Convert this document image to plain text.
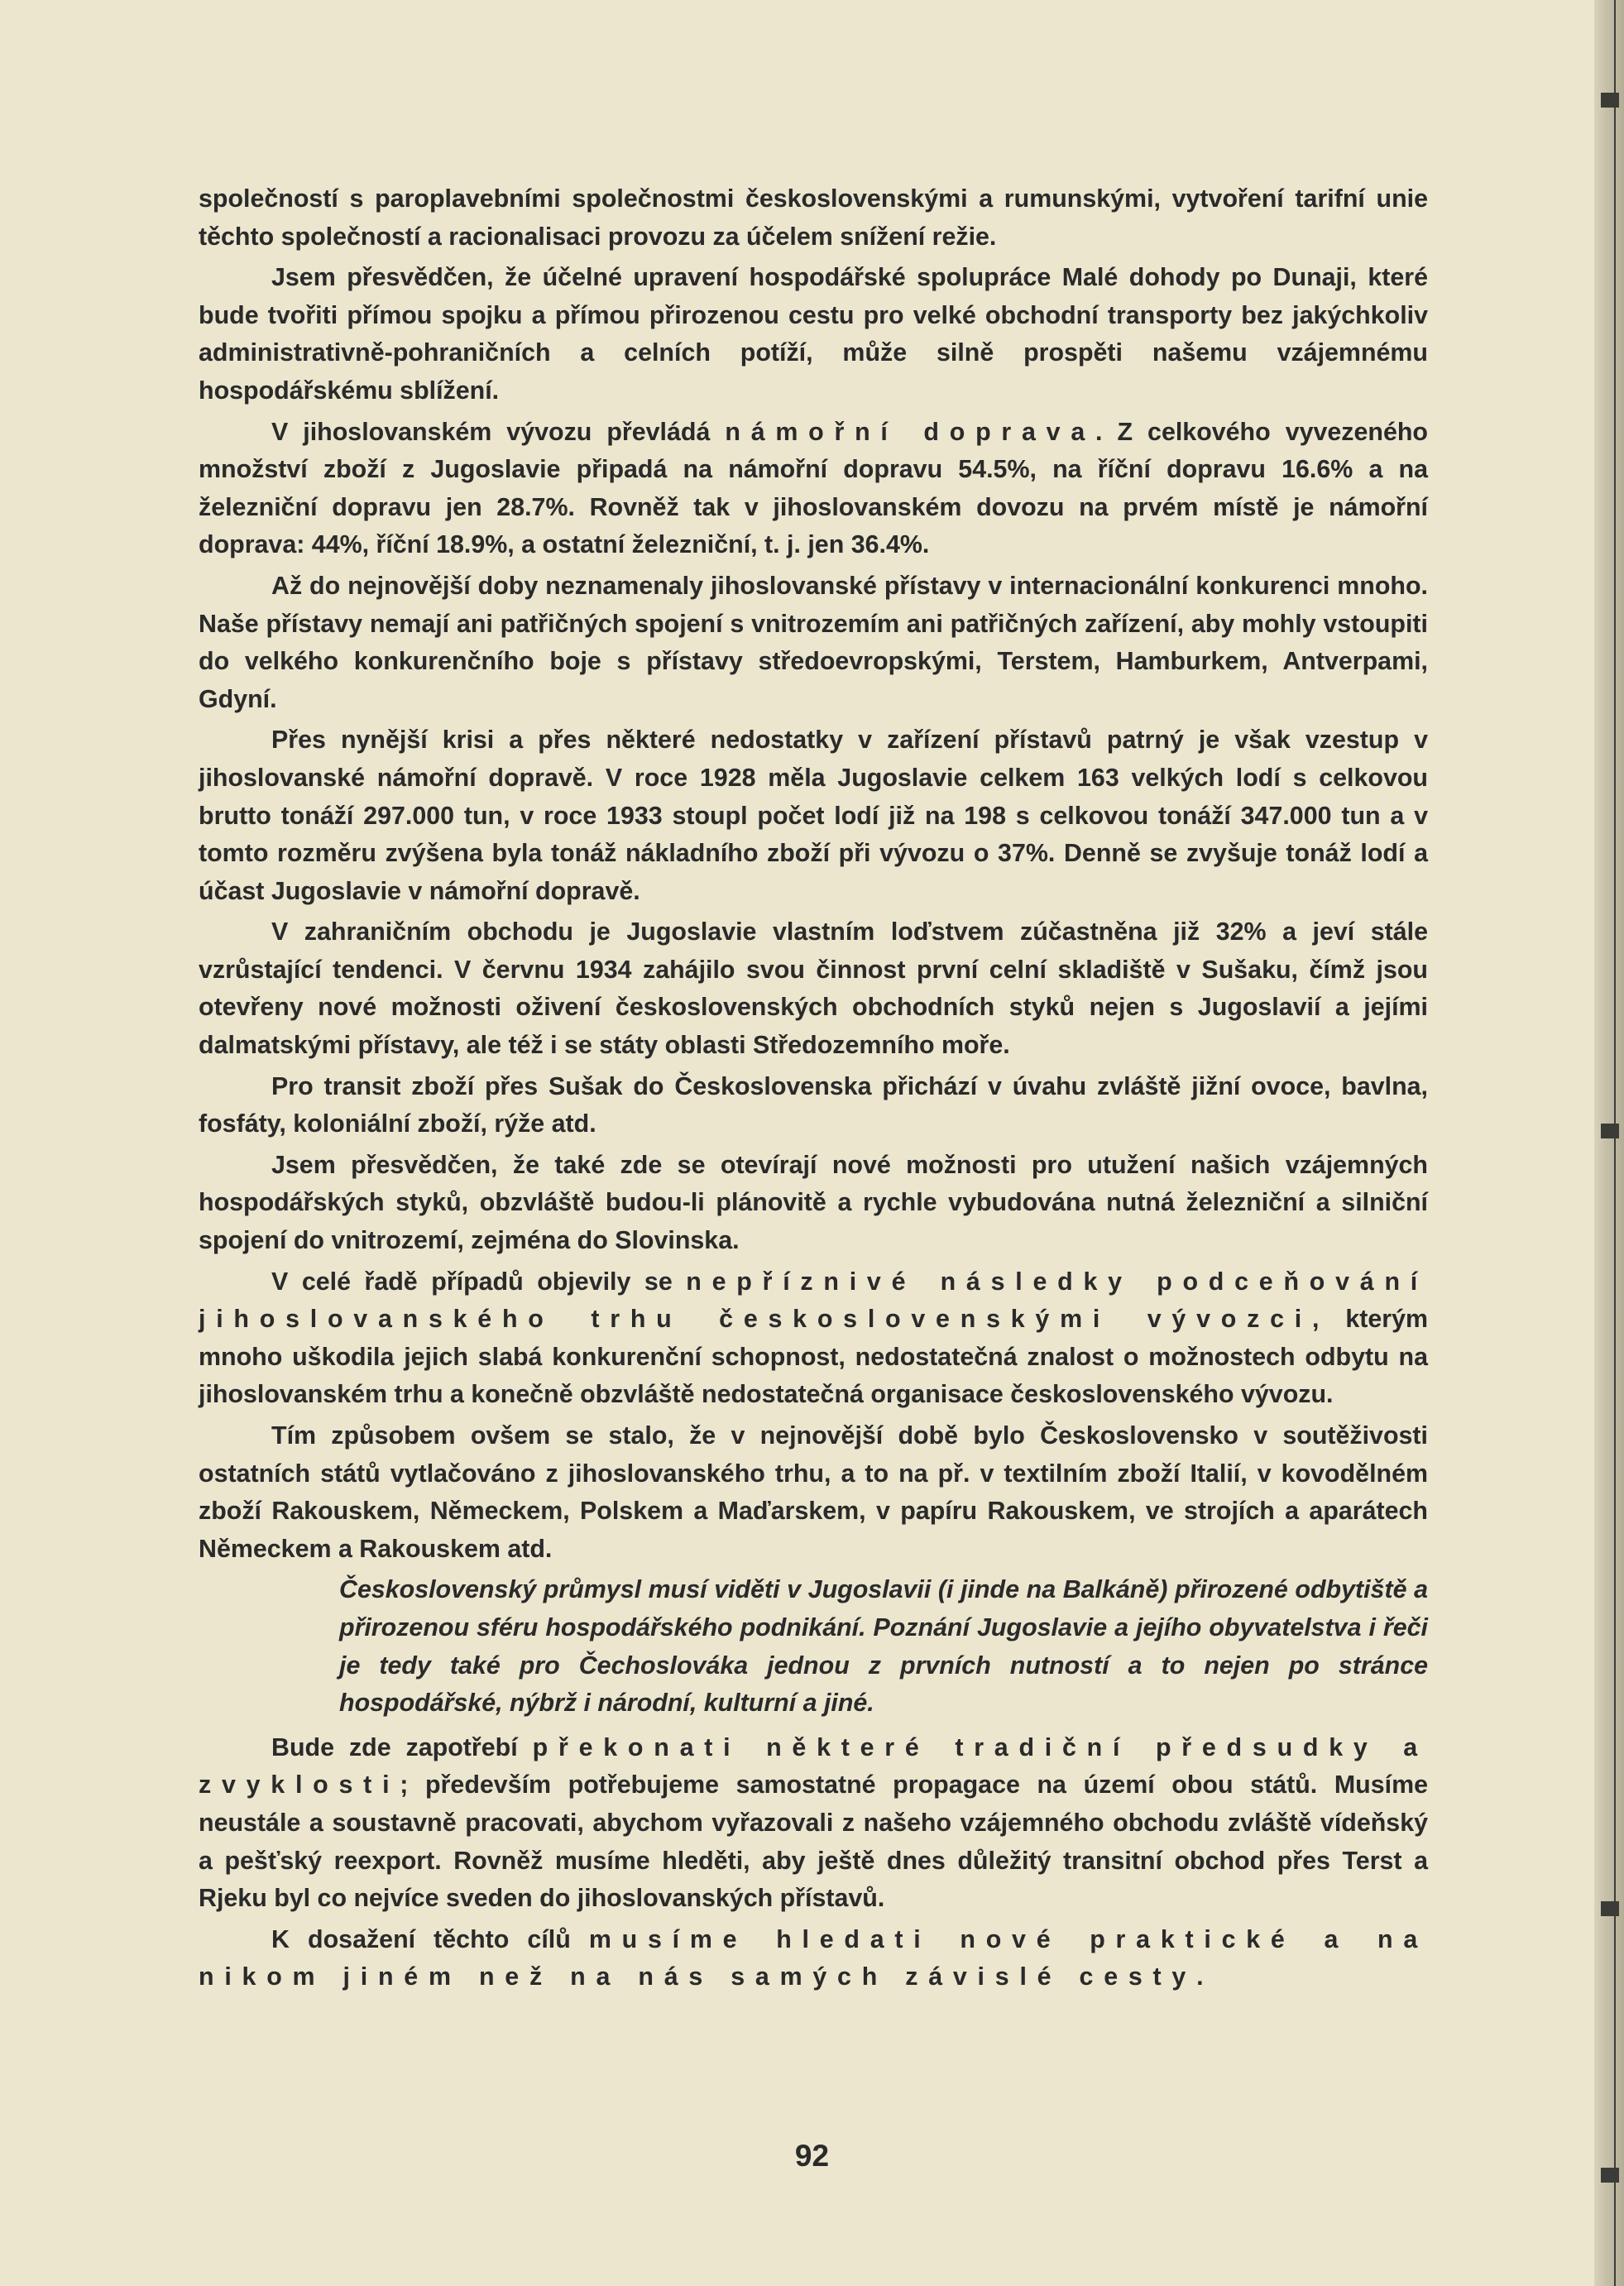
společností s paroplavebními společnostmi československými a rumunskými, vytvoření tarifní unie těchto společností a racionalisaci provozu za účelem snížení režie.

Jsem přesvědčen, že účelné upravení hospodářské spolupráce Malé dohody po Dunaji, které bude tvořiti přímou spojku a přímou přirozenou cestu pro velké obchodní transporty bez jakýchkoliv administrativně-pohraničních a celních potíží, může silně prospěti našemu vzájemnému hospodářskému sblížení.

V jihoslovanském vývozu převládá námořní doprava. Z celkového vyvezeného množství zboží z Jugoslavie připadá na námořní dopravu 54.5%, na říční dopravu 16.6% a na železniční dopravu jen 28.7%. Rovněž tak v jihoslovanském dovozu na prvém místě je námořní doprava: 44%, říční 18.9%, a ostatní železniční, t. j. jen 36.4%.

Až do nejnovější doby neznamenaly jihoslovanské přístavy v internacionální konkurenci mnoho. Naše přístavy nemají ani patřičných spojení s vnitrozemím ani patřičných zařízení, aby mohly vstoupiti do velkého konkurenčního boje s přístavy středoevropskými, Terstem, Hamburkem, Antverpami, Gdyní.

Přes nynější krisi a přes některé nedostatky v zařízení přístavů patrný je však vzestup v jihoslovanské námořní dopravě. V roce 1928 měla Jugoslavie celkem 163 velkých lodí s celkovou brutto tonáží 297.000 tun, v roce 1933 stoupl počet lodí již na 198 s celkovou tonáží 347.000 tun a v tomto rozměru zvýšena byla tonáž nákladního zboží při vývozu o 37%. Denně se zvyšuje tonáž lodí a účast Jugoslavie v námořní dopravě.

V zahraničním obchodu je Jugoslavie vlastním loďstvem zúčastněna již 32% a jeví stále vzrůstající tendenci. V červnu 1934 zahájilo svou činnost první celní skladiště v Sušaku, čímž jsou otevřeny nové možnosti oživení československých obchodních styků nejen s Jugoslavií a jejími dalmatskými přístavy, ale též i se státy oblasti Středozemního moře.

Pro transit zboží přes Sušak do Československa přichází v úvahu zvláště jižní ovoce, bavlna, fosfáty, koloniální zboží, rýže atd.

Jsem přesvědčen, že také zde se otevírají nové možnosti pro utužení našich vzájemných hospodářských styků, obzvláště budou-li plánovitě a rychle vybudována nutná železniční a silniční spojení do vnitrozemí, zejména do Slovinska.

V celé řadě případů objevily se nepříznivé následky podceňování jihoslovanského trhu československými vývozci, kterým mnoho uškodila jejich slabá konkurenční schopnost, nedostatečná znalost o možnostech odbytu na jihoslovanském trhu a konečně obzvláště nedostatečná organisace československého vývozu.

Tím způsobem ovšem se stalo, že v nejnovější době bylo Československo v soutěživosti ostatních států vytlačováno z jihoslovanského trhu, a to na př. v textilním zboží Italií, v kovodělném zboží Rakouskem, Německem, Polskem a Maďarskem, v papíru Rakouskem, ve strojích a aparátech Německem a Rakouskem atd.

Československý průmysl musí viděti v Jugoslavii (i jinde na Balkáně) přirozené odbytiště a přirozenou sféru hospodářského podnikání. Poznání Jugoslavie a jejího obyvatelstva i řeči je tedy také pro Čechoslováka jednou z prvních nutností a to nejen po stránce hospodářské, nýbrž i národní, kulturní a jiné.

Bude zde zapotřebí překonati některé tradiční předsudky a zvyklosti; především potřebujeme samostatné propagace na území obou států. Musíme neustále a soustavně pracovati, abychom vyřazovali z našeho vzájemného obchodu zvláště vídeňský a pešťský reexport. Rovněž musíme hleděti, aby ještě dnes důležitý transitní obchod přes Terst a Rjeku byl co nejvíce sveden do jihoslovanských přístavů.

K dosažení těchto cílů musíme hledati nové praktické a na nikom jiném než na nás samých závislé cesty.

92
